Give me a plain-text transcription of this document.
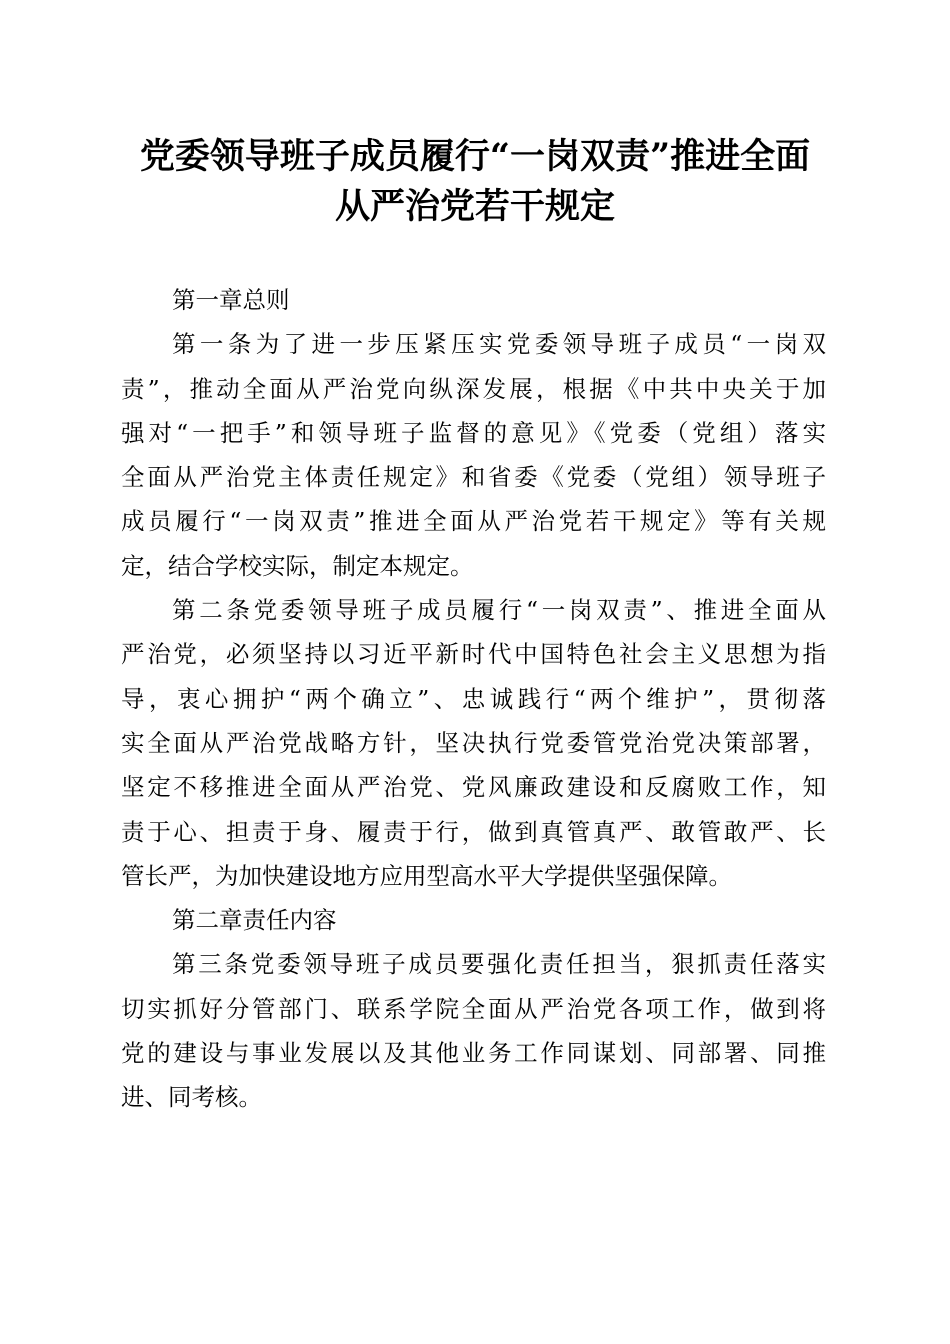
党委领导班子成员履行“一岗双责”推进全面
从严治党若干规定
第一章总则
第一条为了进一步压紧压实党委领导班子成员“一岗双
责”，推动全面从严治党向纵深发展，根据《中共中央关于加
强对“一把手”和领导班子监督的意见》《党委（党组）落实
全面从严治党主体责任规定》和省委《党委（党组）领导班子
成员履行“一岗双责”推进全面从严治党若干规定》等有关规
定，结合学校实际，制定本规定。
第二条党委领导班子成员履行“一岗双责”、推进全面从
严治党，必须坚持以习近平新时代中国特色社会主义思想为指
导，衷心拥护“两个确立”、忠诚践行“两个维护”，贯彻落
实全面从严治党战略方针，坚决执行党委管党治党决策部署，
坚定不移推进全面从严治党、党风廉政建设和反腐败工作，知
责于心、担责于身、履责于行，做到真管真严、敢管敢严、长
管长严，为加快建设地方应用型高水平大学提供坚强保障。
第二章责任内容
第三条党委领导班子成员要强化责任担当，狠抓责任落实
切实抓好分管部门、联系学院全面从严治党各项工作，做到将
党的建设与事业发展以及其他业务工作同谋划、同部署、同推
进、同考核。
